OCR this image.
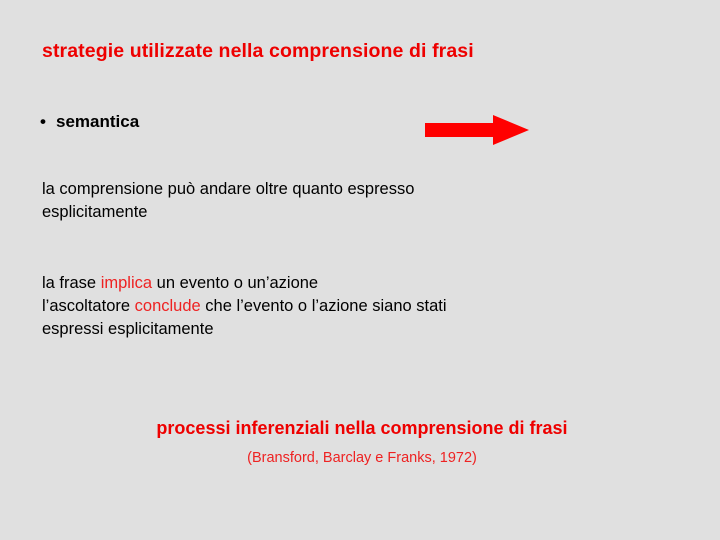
strategie utilizzate nella comprensione di frasi
• semantica
la comprensione può andare oltre quanto espresso
esplicitamente
la frase implica un evento o un’azione
l’ascoltatore conclude che l’evento o l’azione siano stati
espressi esplicitamente
processi inferenziali nella comprensione di frasi
(Bransford, Barclay e Franks, 1972)
